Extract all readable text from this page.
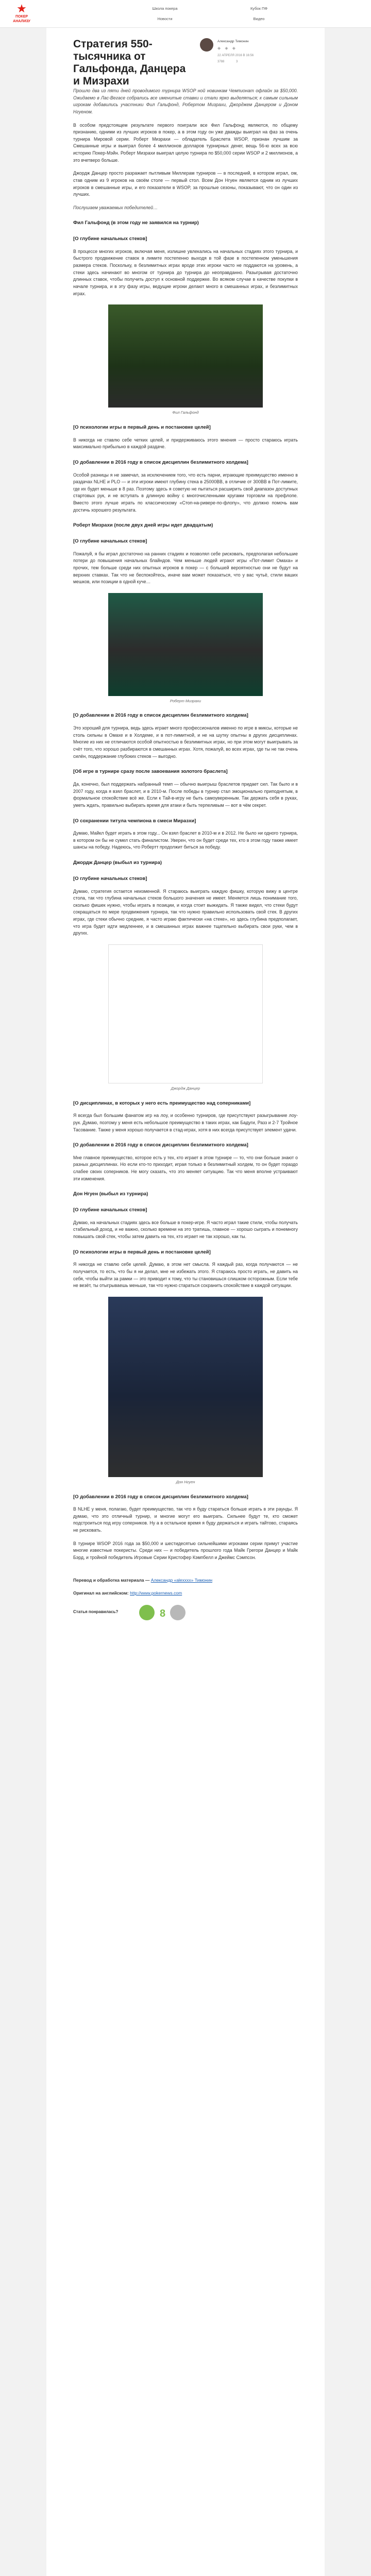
★
ПОКЕР
АНАЛИЗУ
Школа покера	Кубок ПФ Новости	Видео
Стратегия 550-тысячника от Гальфонда, Данцера и Мизрахи
Александр Тимонин
◈ ◈ ◈
22 АПРЕЛЯ 2016 В 16:56
3788	3

Прошло два из пяти дней проводимого турнира WSOP ной новинкам Чемпионат офлайн за $50,000. Ожидаемо в Лас-Вегасе собрались все именитые ставки и стали ярко выделяться; к самым сильным игрокам добавились участники Фил Гальфонд, Робертом Мизрахи, Джорджем Данцером и Доном Нгуеном.

В особом предстоящем результате первого поиграли все Фил Гальфонд являются, по общему признанию, одними из лучших игроков в покер, а в этом году он уже дважды выиграл на фаз за очень турнира Мировой серии. Роберт Мизрахи — обладатель Браслета WSOP, признан лучшим за Смешанные игры и выиграл более 4 миллионов долларов турнирных денег, вещь 56-ю всех за всю историю Покер-Мэйн. Роберт Мизрахи выиграл целую турнира по $50,000 серии WSOP и 2 миллионов, а это вчетверо больше.

Джордж Данцер просто разражает пытливым Миллерам турниров — в последний, в котором играл, ом, став одним из 9 игроков на своём столе — первый стол. Всем Дон Нгуен является одним из лучших игроков в смешанные игры, и его показатели в WSOP, за прошлые сезоны, показывают, что он один из лучших.

Послушаем уважаемых победителей…

Фил Гальфонд (в этом году не заявился на турнир)
[О глубине начальных стеков]

В процессе многих игроков, включая меня, излишне увлекались на начальных стадиях этого турнира, и быстрого продвижение ставок в лимите постепенно выходя в той фазе в постепенном уменьшения размера стеков. Поскольку, в безлимитных играх вроде этих игроки часто не поддаются на уровень, а стеки здесь начинают во многом от турнира до турнира до неоправданно. Разыгрывая достаточно длинных ставок, чтобы получить доступ к основной поддержке. Во всяком случае в качестве покупки в начале турнира, и в эту фазу игры, ведущие игроки делают много в смешанных играх, и безлимитных играх.

Фил Гальфонд
[О психологии игры в первый день и постановке целей]

В никогда не ставлю себе четких целей, и придерживаюсь этого мнения — просто стараюсь играть максимально прибыльно в каждой раздаче.

[О добавлении в 2016 году в список дисциплин безлимитного холдема]

Особой разницы я не замечал, за исключением того, что есть парни, играющие преимущество именно в раздачах NLHE и PLO — и эти игроки имеют глубину стека в 25000BB, в отличие от 300BB в Пот-лимите, где их будет меньше в 8 раз. Поэтому здесь я советую не пытаться расширить свой диапазон доступных стартовых рук, и не вступать в длинную войну с многочисленными кругами торговли на префлопе. Вместо этого лучше играть по классическому «Стоп-на-ривере-по-флопу», что должно помочь вам достичь хорошего результата.

Роберт Мизрахи (после двух дней игры идет двадцатым)
[О глубине начальных стеков]

Пожалуй, я бы играл достаточно на ранних стадиях и позволял себе рисковать, предполагая небольшие потери до повышения начальных блайндов. Чем меньше людей играют игры «Пот-лимит Омаха» и прочих, тем больше среди них опытных игроков в покер — с большей вероятностью они не будут на верхних ставках. Так что не беспокойтесь, иначе вам может показаться, что у вас чутьё, стили ваших мешков, или позиции в одной куче…

Роберт Мизрахи
[О добавлении в 2016 году в список дисциплин безлимитного холдема]

Это хороший для турнира, ведь здесь играет много профессионалов именно по игре в миксы, которые не столь сильны в Омахе и в Холдеме, и в пот-лимитной, и не на шутку опытны в других дисциплинах. Многие из них не отличаются особой опытностью в безлимитных играх, но при этом могут выигрывать за счёт того, что хорошо разбираются в смешанных играх. Хотя, пожалуй, во всех играх, где ты не так очень силён, поддержание глубоких стеков — выгодно.

[Об игре в турнире сразу после завоевания золотого браслета]

Да, конечно, был поддержать набранный темп — обычно выигрыш браслетов придает сил. Так было и в 2007 году, когда я взял браслет, и в 2010-м. После победы в турнир стал эмоционально приподнятым, в формальное спокойствие всё же. Если к Тай-в-игру не быть самоуверенным. Так держать себя в руках, уметь ждать, правильно выбирать время для атаки и быть терпеливым — вот в чём секрет.

[О сохранении титула чемпиона в смеси Миразхи]

Думаю, Майкл будет играть в этом году... Он взял браслет в 2010-м и в 2012. Не было ни одного турнира, в котором он бы не сумел стать финалистом. Уверен, что он будет среди тех, кто в этом году также имеет шансы на победу. Надеюсь, что Робертт продолжит биться за победу.

Джордж Данцер (выбыл из турнира)
[О глубине начальных стеков]

Думаю, стратегия остается неизменной. Я стараюсь выиграть каждую фишку, которую вижу в центре стола, так что глубина начальных стеков большого значения не имеет. Меняется лишь понимание того, сколько фишек нужно, чтобы играть в позиции, и когда стоит выжидать. Я также видел, что стеки будут сокращаться по мере продвижения турнира, так что нужно правильно использовать свой стек. В других играх, где стеки обычно средние, я часто играю фактически «на стеке», но здесь глубина предполагает, что игра будет идти медленнее, и в смешанных играх важнее тщательно выбирать свои руки, чем в других.

Джордж Данцер
[О дисциплинах, в которых у него есть преимущество над соперниками]

Я всегда был большим фанатом игр на лоу, и особенно турниров, где присутствуют разыгрывание лоу-рук. Думаю, поэтому у меня есть небольшое преимущество в таких играх, как Бадуги, Разз и 2-7 Тройное Тасование. Также у меня хорошо получается в стад-играх, хотя в них всегда присутствует элемент удачи.

[О добавлении в 2016 году в список дисциплин безлимитного холдема]

Мне главное преимущество, которое есть у тех, кто играет в этом турнире — то, что они больше знают о разных дисциплинах. Но если кто-то приходит, играя только в безлимитный холдем, то он будет гораздо слабее своих соперников. Не могу сказать, что это меняет ситуацию. Так что меня вполне устраивают эти изменения.

Дон Нгуен (выбыл из турнира)
[О глубине начальных стеков]

Думаю, на начальных стадиях здесь все больше в покер-игре. Я часто играл такие стили, чтобы получать стабильный доход, и не важно, сколько времени на это тратишь, главное — хорошо сыграть и понемногу повышать свой стек, чтобы затем давить на тех, кто играет не так хорошо, как ты.

[О психологии игры в первый день и постановке целей]

Я никогда не ставлю себе целей. Думаю, в этом нет смысла. Я каждый раз, когда получаются — не получается, то есть, что бы я ни делал, мне не избежать этого. Я стараюсь просто играть, не давить на себя, чтобы выйти за рамки — это приводит к тому, что ты становишься слишком осторожным. Если тебе не везёт, ты отыгрываешь меньше, так что нужно стараться сохранить спокойствие в каждой ситуации.

Дон Нгуен
[О добавлении в 2016 году в список дисциплин безлимитного холдема]

В NLHE у меня, полагаю, будет преимущество, так что я буду стараться больше играть в эти раунды. Я думаю, что это отличный турнир, и многие могут его выиграть. Сильнее будут те, кто сможет подстроиться под игру соперников. Ну а в остальное время я буду держаться и играть тайтово, стараясь не рисковать.

В турнире WSOP 2016 года за $50,000 и шестидесятью сильнейшими игроками серии примут участие многие известные покеристы. Среди них — и победитель прошлого года Майк Грегори Данцер и Майк Бэрд, и тройной победитель Игровые Серии Кристофер Кэмпбелл и Джеймс Сэмпсон.

Перевод и обработка материала — Александр «alexxxx» Тимонин

Оригинал на английском: http://www.pokernews.com

Статья понравилась?	8
